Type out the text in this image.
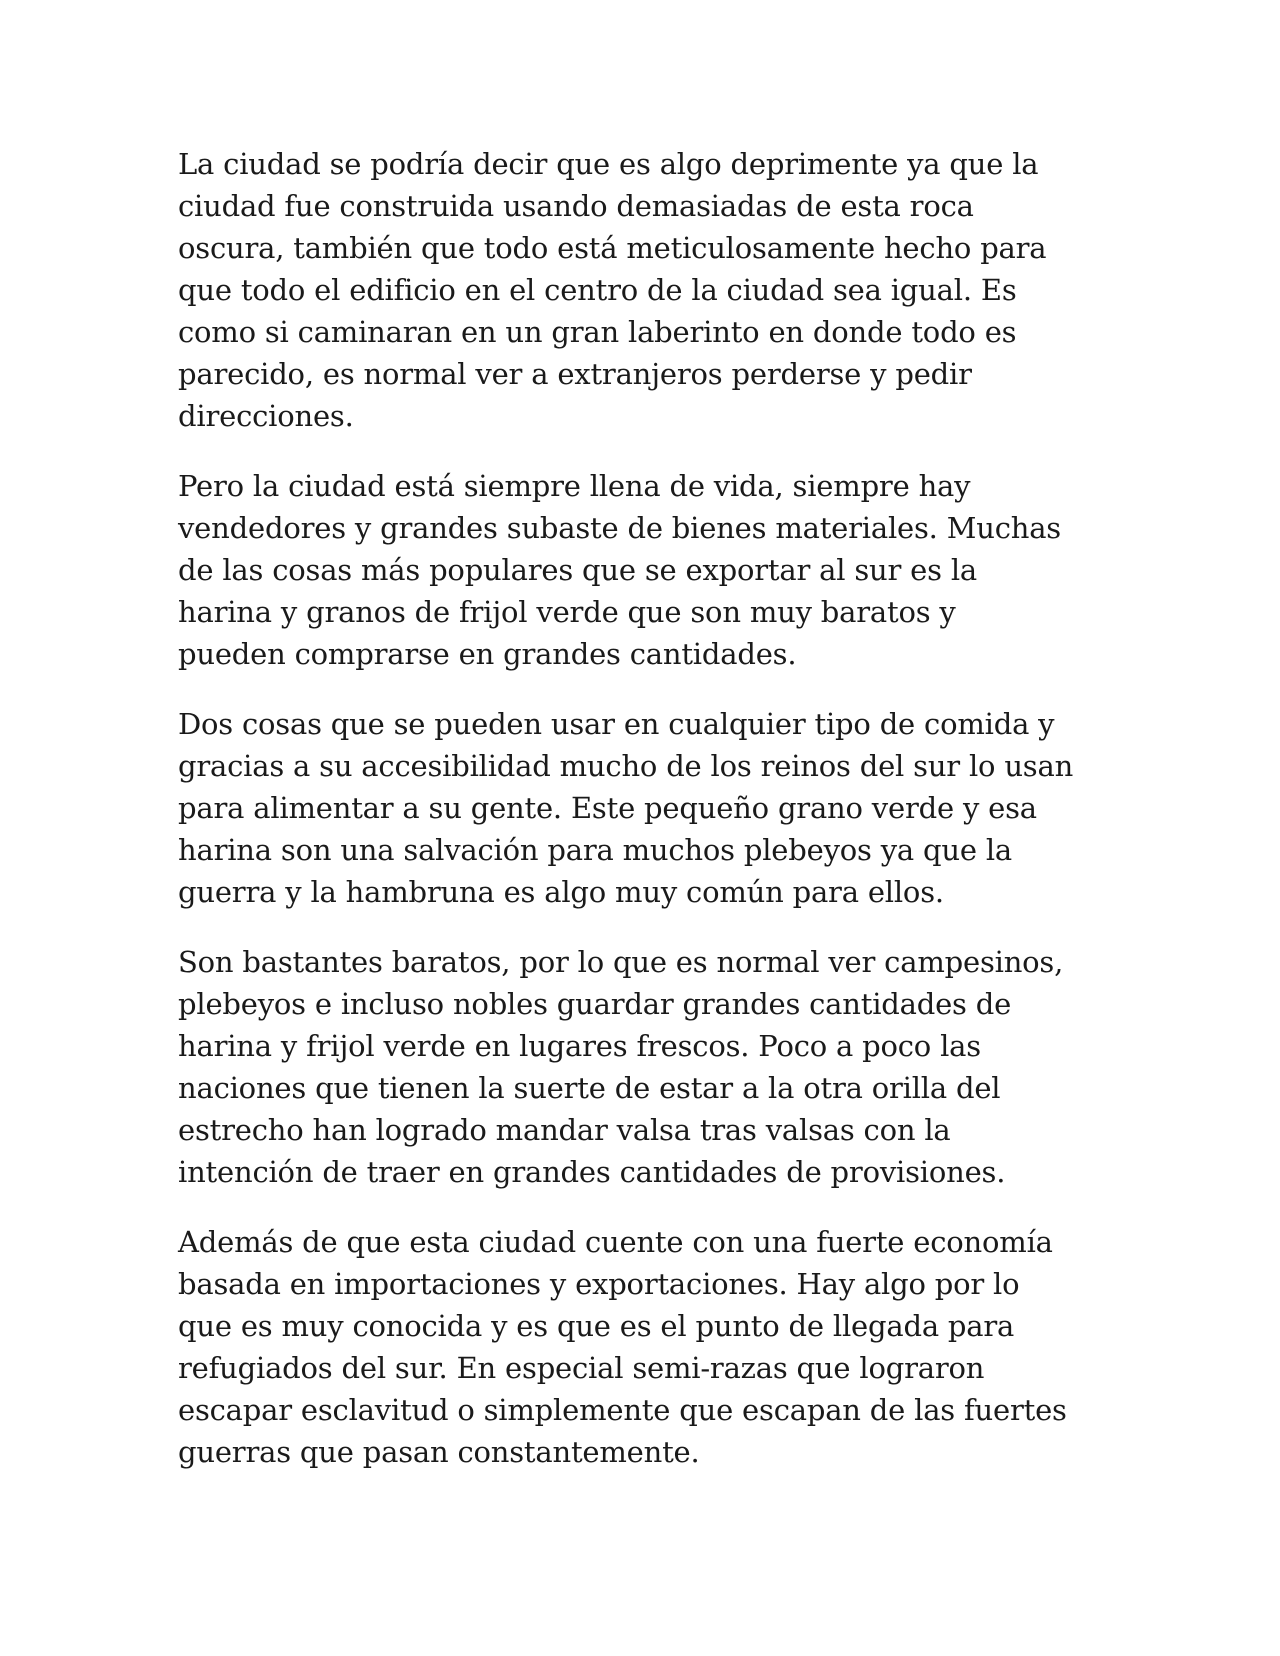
La ciudad se podría decir que es algo deprimente ya que la
ciudad fue construida usando demasiadas de esta roca
oscura, también que todo está meticulosamente hecho para
que todo el edificio en el centro de la ciudad sea igual. Es
como si caminaran en un gran laberinto en donde todo es
parecido, es normal ver a extranjeros perderse y pedir
direcciones.

Pero la ciudad está siempre llena de vida, siempre hay
vendedores y grandes subaste de bienes materiales. Muchas
de las cosas más populares que se exportar al sur es la
harina y granos de frijol verde que son muy baratos y
pueden comprarse en grandes cantidades.

Dos cosas que se pueden usar en cualquier tipo de comida y
gracias a su accesibilidad mucho de los reinos del sur lo usan
para alimentar a su gente. Este pequeño grano verde y esa
harina son una salvación para muchos plebeyos ya que la
guerra y la hambruna es algo muy común para ellos.

Son bastantes baratos, por lo que es normal ver campesinos,
plebeyos e incluso nobles guardar grandes cantidades de
harina y frijol verde en lugares frescos. Poco a poco las
naciones que tienen la suerte de estar a la otra orilla del
estrecho han logrado mandar valsa tras valsas con la
intención de traer en grandes cantidades de provisiones.

Además de que esta ciudad cuente con una fuerte economía
basada en importaciones y exportaciones. Hay algo por lo
que es muy conocida y es que es el punto de llegada para
refugiados del sur. En especial semi-razas que lograron
escapar esclavitud o simplemente que escapan de las fuertes
guerras que pasan constantemente.
